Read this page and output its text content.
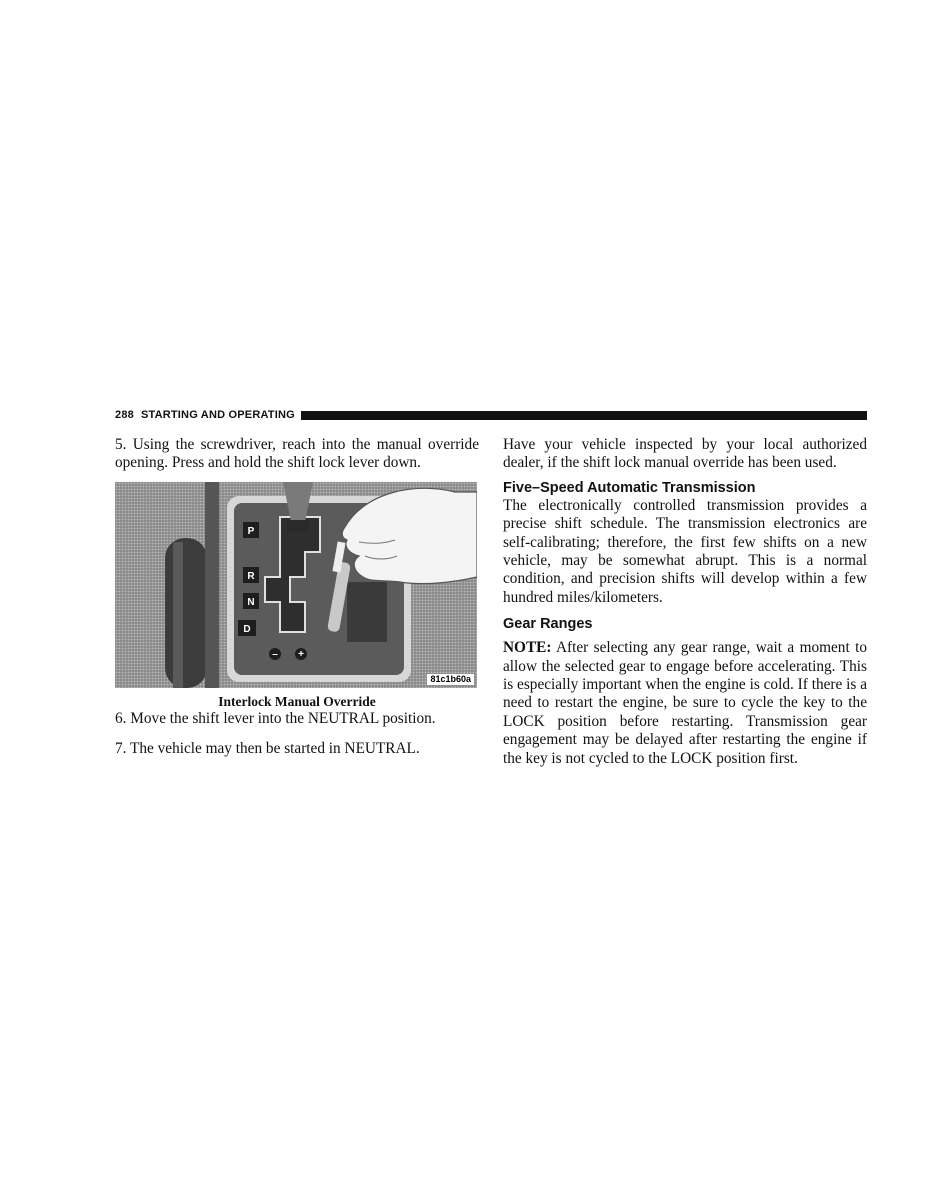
288 STARTING AND OPERATING

5. Using the screwdriver, reach into the manual override opening. Press and hold the shift lock lever down.

P
R
N
D
– +
81c1b60a
Interlock Manual Override

6. Move the shift lever into the NEUTRAL position.

7. The vehicle may then be started in NEUTRAL.

Have your vehicle inspected by your local authorized dealer, if the shift lock manual override has been used.

Five–Speed Automatic Transmission

The electronically controlled transmission provides a precise shift schedule. The transmission electronics are self-calibrating; therefore, the first few shifts on a new vehicle, may be somewhat abrupt. This is a normal condition, and precision shifts will develop within a few hundred miles/kilometers.

Gear Ranges

NOTE: After selecting any gear range, wait a moment to allow the selected gear to engage before accelerating. This is especially important when the engine is cold. If there is a need to restart the engine, be sure to cycle the key to the LOCK position before restarting. Transmission gear engagement may be delayed after restarting the engine if the key is not cycled to the LOCK position first.
